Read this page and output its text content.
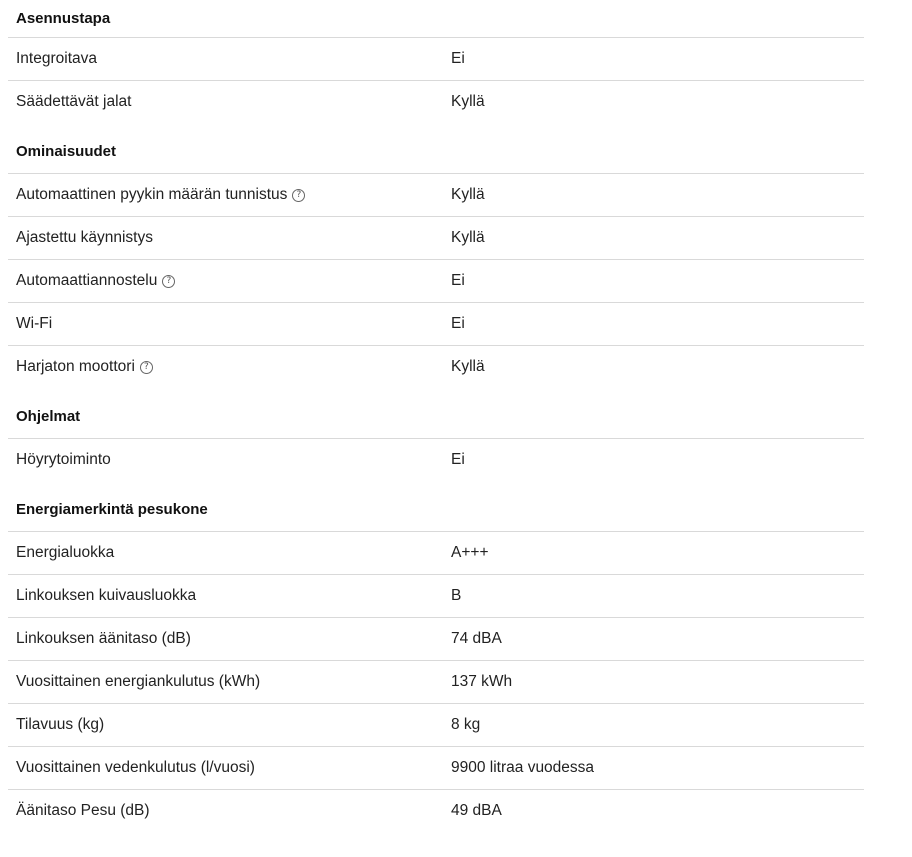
Asennustapa
Integroitava	Ei
Säädettävät jalat	Kyllä
Ominaisuudet
Automaattinen pyykin määrän tunnistus	?	Kyllä
Ajastettu käynnistys	Kyllä
Automaattiannostelu	?	Ei
Wi-Fi	Ei
Harjaton moottori	?	Kyllä
Ohjelmat
Höyrytoiminto	Ei
Energiamerkintä pesukone
Energialuokka	A+++
Linkouksen kuivausluokka	B
Linkouksen äänitaso (dB)	74 dBA
Vuosittainen energiankulutus (kWh)	137 kWh
Tilavuus (kg)	8 kg
Vuosittainen vedenkulutus (l/vuosi)	9900 litraa vuodessa
Äänitaso Pesu (dB)	49 dBA
